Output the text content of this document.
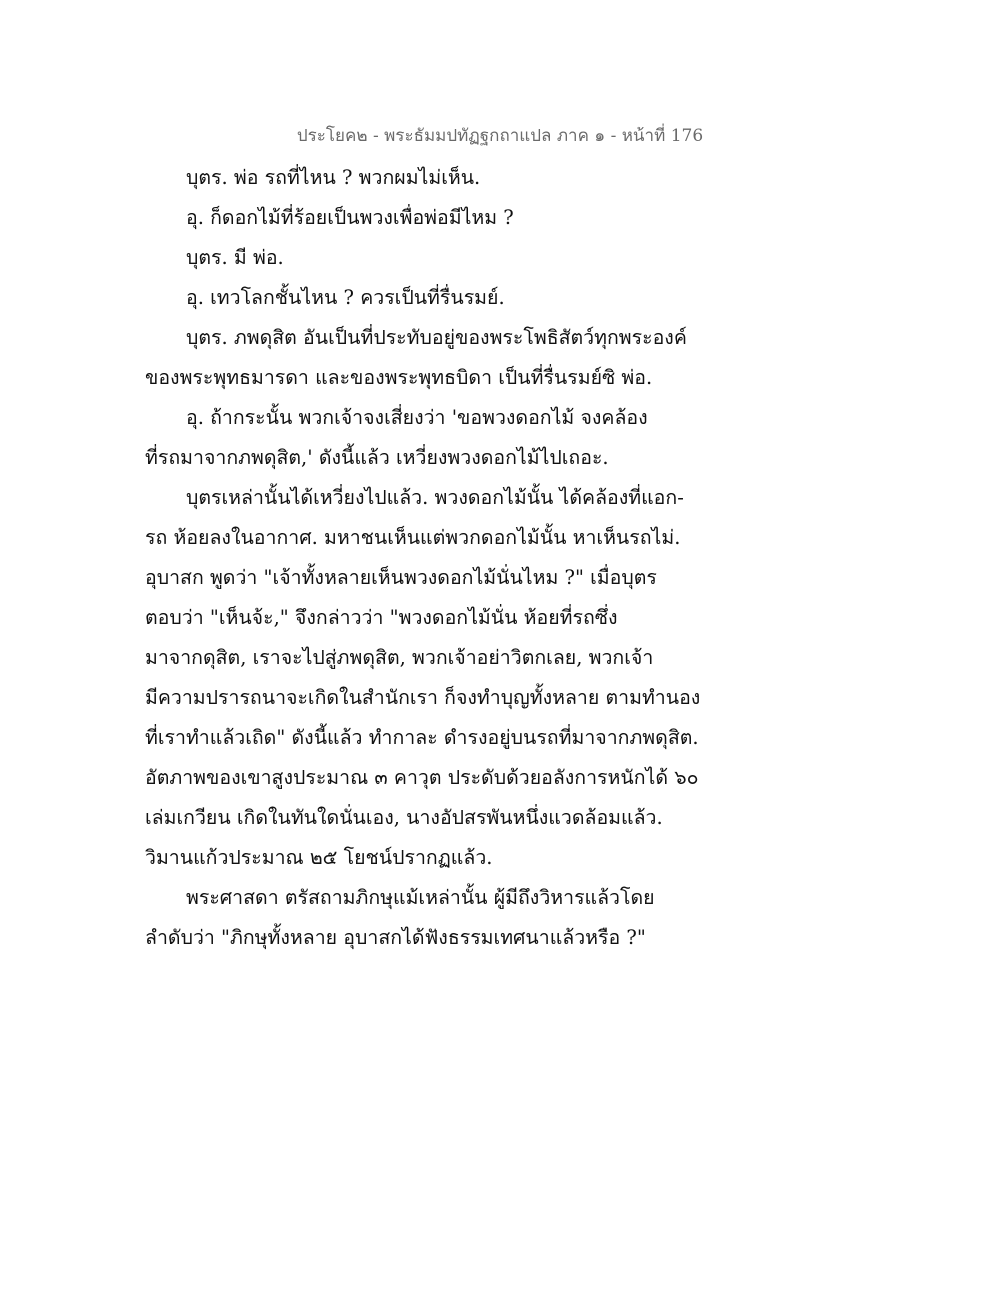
ประโยค๒ - พระธัมมปทัฏฐกถาแปล ภาค ๑ - หน้าที่ 176
บุตร. พ่อ รถที่ไหน ? พวกผมไม่เห็น.
อุ. ก็ดอกไม้ที่ร้อยเป็นพวงเพื่อพ่อมีไหม ?
บุตร. มี พ่อ.
อุ. เทวโลกชั้นไหน ? ควรเป็นที่รื่นรมย์.
บุตร. ภพดุสิต อันเป็นที่ประทับอยู่ของพระโพธิสัตว์ทุกพระองค์
ของพระพุทธมารดา และของพระพุทธบิดา เป็นที่รื่นรมย์ซิ พ่อ.
อุ. ถ้ากระนั้น พวกเจ้าจงเสี่ยงว่า 'ขอพวงดอกไม้ จงคล้อง
ที่รถมาจากภพดุสิต,' ดังนี้แล้ว เหวี่ยงพวงดอกไม้ไปเถอะ.
บุตรเหล่านั้นได้เหวี่ยงไปแล้ว. พวงดอกไม้นั้น ได้คล้องที่แอก-
รถ ห้อยลงในอากาศ. มหาชนเห็นแต่พวกดอกไม้นั้น หาเห็นรถไม่.
อุบาสก พูดว่า "เจ้าทั้งหลายเห็นพวงดอกไม้นั่นไหม ?" เมื่อบุตร
ตอบว่า "เห็นจ้ะ," จึงกล่าวว่า "พวงดอกไม้นั่น ห้อยที่รถซึ่ง
มาจากดุสิต, เราจะไปสู่ภพดุสิต, พวกเจ้าอย่าวิตกเลย, พวกเจ้า
มีความปรารถนาจะเกิดในสำนักเรา ก็จงทำบุญทั้งหลาย ตามทำนอง
ที่เราทำแล้วเถิด" ดังนี้แล้ว ทำกาละ ดำรงอยู่บนรถที่มาจากภพดุสิต.
อัตภาพของเขาสูงประมาณ ๓ คาวุต ประดับด้วยอลังการหนักได้ ๖๐
เล่มเกวียน เกิดในทันใดนั่นเอง, นางอัปสรพันหนึ่งแวดล้อมแล้ว.
วิมานแก้วประมาณ ๒๕ โยชน์ปรากฏแล้ว.
พระศาสดา ตรัสถามภิกษุแม้เหล่านั้น ผู้มีถึงวิหารแล้วโดย
ลำดับว่า "ภิกษุทั้งหลาย อุบาสกได้ฟังธรรมเทศนาแล้วหรือ ?"
